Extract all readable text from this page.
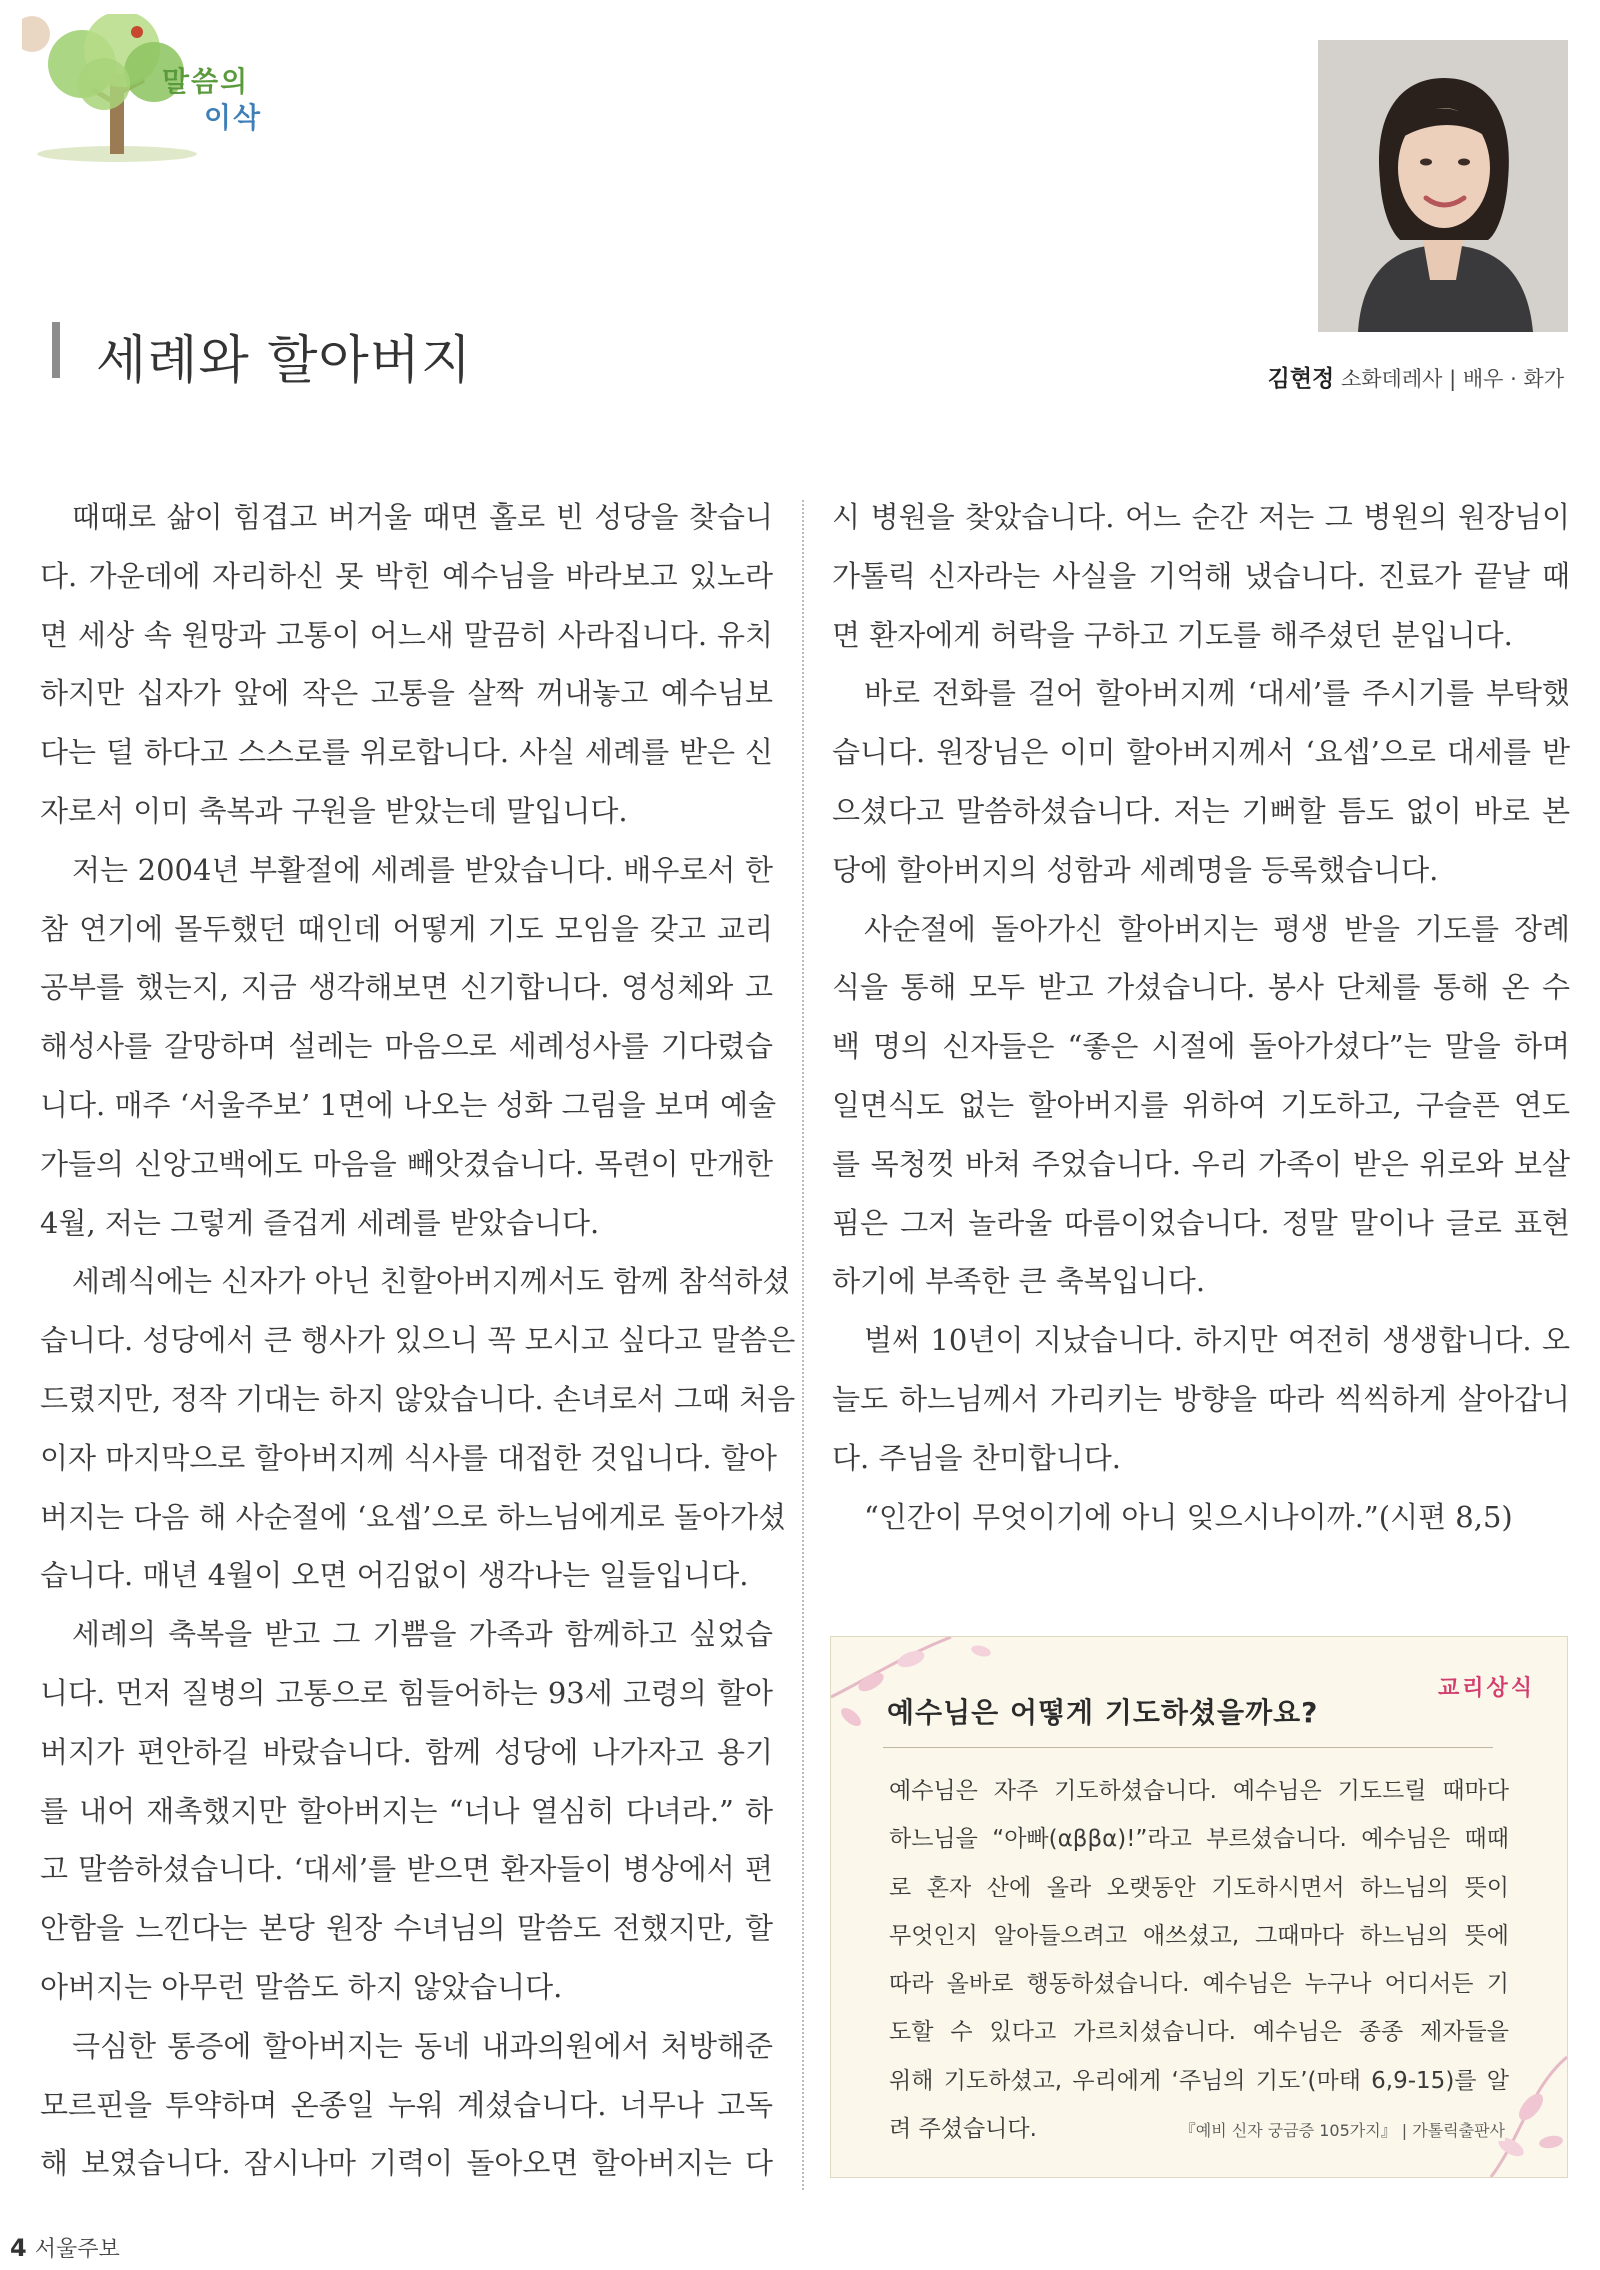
말씀의
이삭
세례와 할아버지	김현정 소화데레사 | 배우 · 화가
때때로 삶이 힘겹고 버거울 때면 홀로 빈 성당을 찾습니
다. 가운데에 자리하신 못 박힌 예수님을 바라보고 있노라
면 세상 속 원망과 고통이 어느새 말끔히 사라집니다. 유치
하지만 십자가 앞에 작은 고통을 살짝 꺼내놓고 예수님보
다는 덜 하다고 스스로를 위로합니다. 사실 세례를 받은 신
자로서 이미 축복과 구원을 받았는데 말입니다.
저는 2004년 부활절에 세례를 받았습니다. 배우로서 한
참 연기에 몰두했던 때인데 어떻게 기도 모임을 갖고 교리
공부를 했는지, 지금 생각해보면 신기합니다. 영성체와 고
해성사를 갈망하며 설레는 마음으로 세례성사를 기다렸습
니다. 매주 ‘서울주보’ 1면에 나오는 성화 그림을 보며 예술
가들의 신앙고백에도 마음을 빼앗겼습니다. 목련이 만개한
4월, 저는 그렇게 즐겁게 세례를 받았습니다.
세례식에는 신자가 아닌 친할아버지께서도 함께 참석하셨
습니다. 성당에서 큰 행사가 있으니 꼭 모시고 싶다고 말씀은
드렸지만, 정작 기대는 하지 않았습니다. 손녀로서 그때 처음
이자 마지막으로 할아버지께 식사를 대접한 것입니다. 할아
버지는 다음 해 사순절에 ‘요셉’으로 하느님에게로 돌아가셨
습니다. 매년 4월이 오면 어김없이 생각나는 일들입니다.
세례의 축복을 받고 그 기쁨을 가족과 함께하고 싶었습
니다. 먼저 질병의 고통으로 힘들어하는 93세 고령의 할아
버지가 편안하길 바랐습니다. 함께 성당에 나가자고 용기
를 내어 재촉했지만 할아버지는 “너나 열심히 다녀라.” 하
고 말씀하셨습니다. ‘대세’를 받으면 환자들이 병상에서 편
안함을 느낀다는 본당 원장 수녀님의 말씀도 전했지만, 할
아버지는 아무런 말씀도 하지 않았습니다.
극심한 통증에 할아버지는 동네 내과의원에서 처방해준
모르핀을 투약하며 온종일 누워 계셨습니다. 너무나 고독
해 보였습니다. 잠시나마 기력이 돌아오면 할아버지는 다
시 병원을 찾았습니다. 어느 순간 저는 그 병원의 원장님이
가톨릭 신자라는 사실을 기억해 냈습니다. 진료가 끝날 때
면 환자에게 허락을 구하고 기도를 해주셨던 분입니다.
바로 전화를 걸어 할아버지께 ‘대세’를 주시기를 부탁했
습니다. 원장님은 이미 할아버지께서 ‘요셉’으로 대세를 받
으셨다고 말씀하셨습니다. 저는 기뻐할 틈도 없이 바로 본
당에 할아버지의 성함과 세례명을 등록했습니다.
사순절에 돌아가신 할아버지는 평생 받을 기도를 장례
식을 통해 모두 받고 가셨습니다. 봉사 단체를 통해 온 수
백 명의 신자들은 “좋은 시절에 돌아가셨다”는 말을 하며
일면식도 없는 할아버지를 위하여 기도하고, 구슬픈 연도
를 목청껏 바쳐 주었습니다. 우리 가족이 받은 위로와 보살
핌은 그저 놀라울 따름이었습니다. 정말 말이나 글로 표현
하기에 부족한 큰 축복입니다.
벌써 10년이 지났습니다. 하지만 여전히 생생합니다. 오
늘도 하느님께서 가리키는 방향을 따라 씩씩하게 살아갑니
다. 주님을 찬미합니다.
“인간이 무엇이기에 아니 잊으시나이까.”(시편 8,5)
교리상식
예수님은 어떻게 기도하셨을까요?
예수님은 자주 기도하셨습니다. 예수님은 기도드릴 때마다
하느님을 “아빠(αββα)!”라고 부르셨습니다. 예수님은 때때
로 혼자 산에 올라 오랫동안 기도하시면서 하느님의 뜻이
무엇인지 알아들으려고 애쓰셨고, 그때마다 하느님의 뜻에
따라 올바로 행동하셨습니다. 예수님은 누구나 어디서든 기
도할 수 있다고 가르치셨습니다. 예수님은 종종 제자들을
위해 기도하셨고, 우리에게 ‘주님의 기도’(마태 6,9-15)를 알
려 주셨습니다.	『예비 신자 궁금증 105가지』 | 가톨릭출판사
4 서울주보
